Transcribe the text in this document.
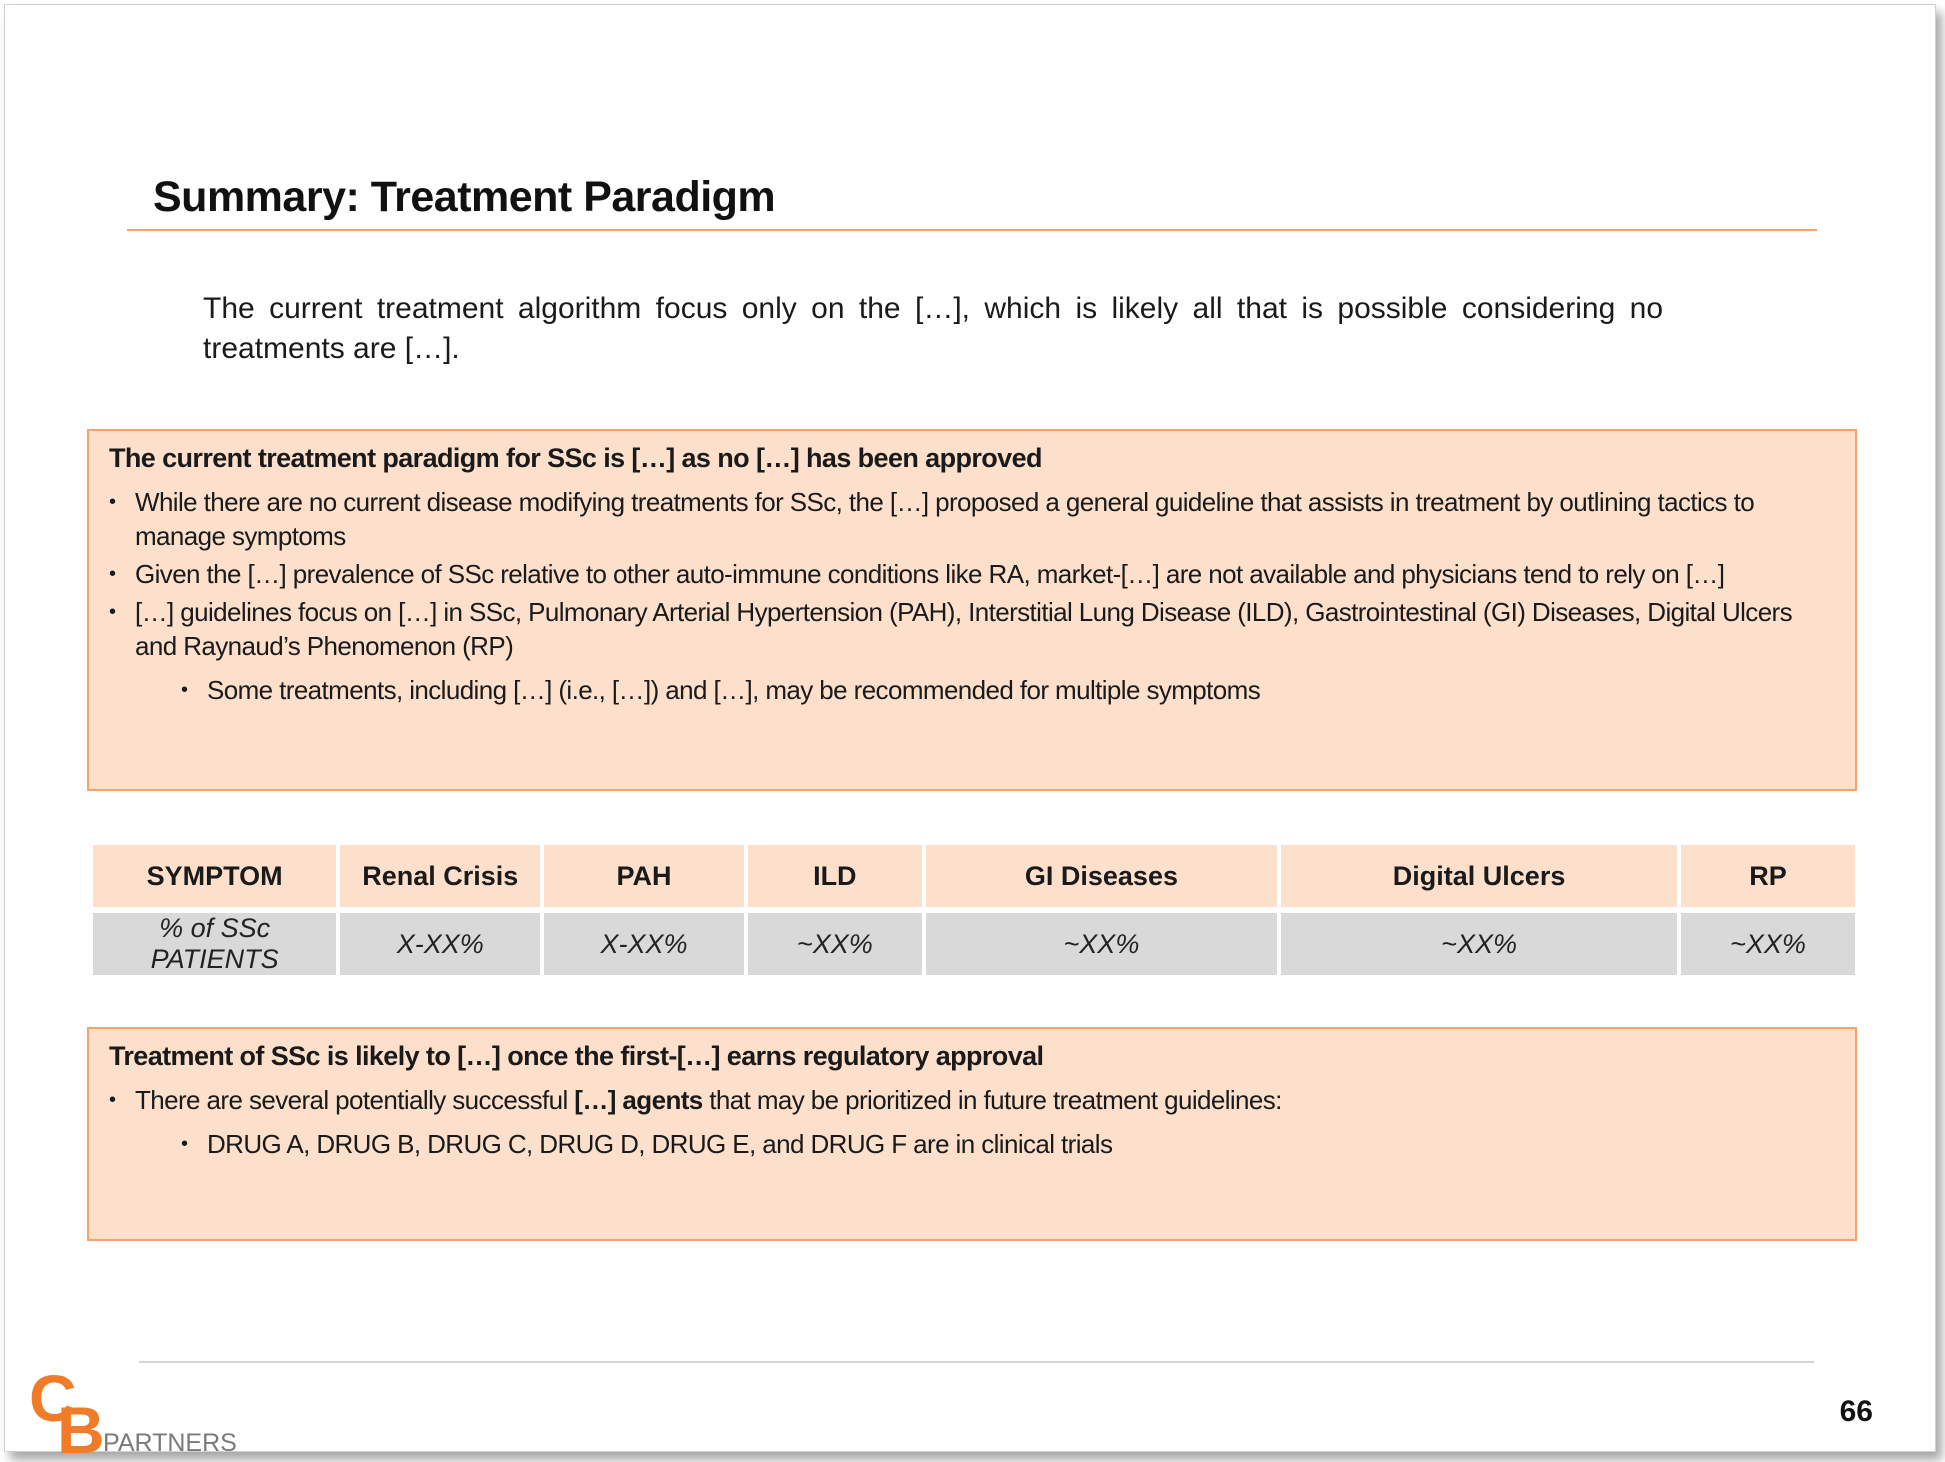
Summary: Treatment Paradigm
The current treatment algorithm focus only on the […], which is likely all that is possible considering no treatments are […].
The current treatment paradigm for SSc is […] as no […] has been approved
• While there are no current disease modifying treatments for SSc, the […] proposed a general guideline that assists in treatment by outlining tactics to manage symptoms
• Given the […] prevalence of SSc relative to other auto-immune conditions like RA, market-[…] are not available and physicians tend to rely on […]
• […] guidelines focus on […] in SSc, Pulmonary Arterial Hypertension (PAH), Interstitial Lung Disease (ILD), Gastrointestinal (GI) Diseases, Digital Ulcers and Raynaud’s Phenomenon (RP)
• Some treatments, including […] (i.e., […]) and […], may be recommended for multiple symptoms
SYMPTOM	Renal Crisis	PAH	ILD	GI Diseases	Digital Ulcers	RP
% of SSc PATIENTS	X-XX%	X-XX%	~XX%	~XX%	~XX%	~XX%
Treatment of SSc is likely to […] once the first-[…] earns regulatory approval
• There are several potentially successful […] agents that may be prioritized in future treatment guidelines:
• DRUG A, DRUG B, DRUG C, DRUG D, DRUG E, and DRUG F are in clinical trials
C
B
PARTNERS
66
